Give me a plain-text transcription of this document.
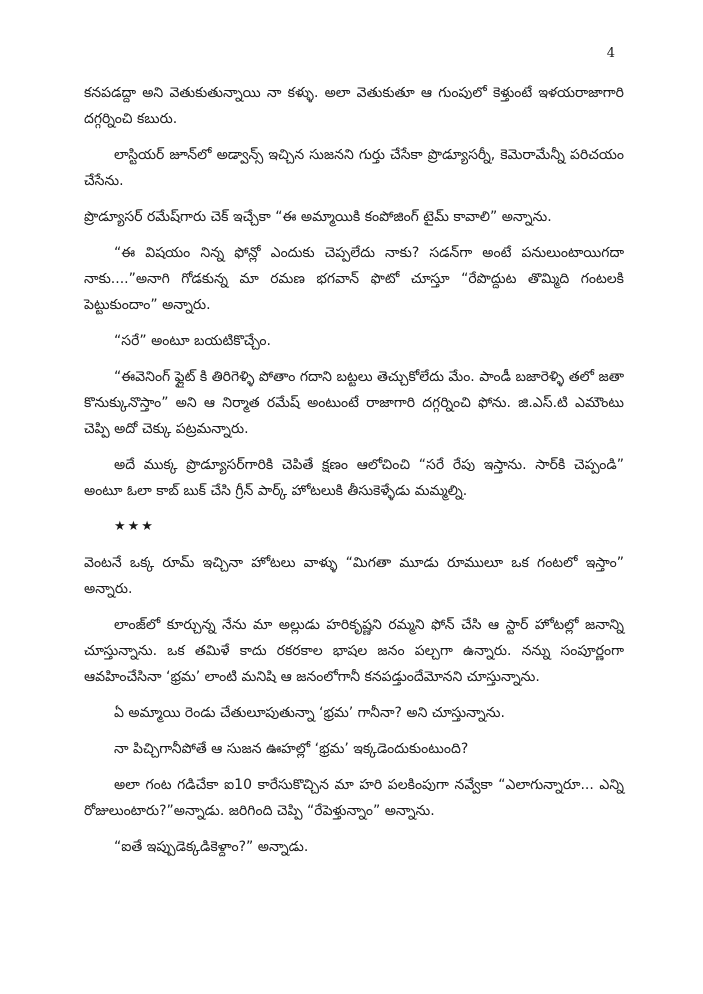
4

కనపడద్దా అని వెతుకుతున్నాయి నా కళ్ళు. అలా వెతుకుతూ ఆ గుంపులో కెళ్తుంటే ఇళయరాజాగారి దగ్గర్నించి కబురు.

లాస్టియర్ జూన్‌లో అడ్వాన్స్ ఇచ్చిన సుజనని గుర్తు చేసేకా ప్రొడ్యూసర్నీ, కెమెరామేన్నీ పరిచయం చేసేను.

ప్రొడ్యూసర్ రమేష్‌గారు చెక్ ఇచ్చేకా “ఈ అమ్మాయికి కంపోజింగ్ టైమ్ కావాలి” అన్నాను.

“ఈ విషయం నిన్న ఫోన్లో ఎందుకు చెప్పలేదు నాకు? సడన్‌గా అంటే పనులుంటాయిగదా నాకు....”అనాగి గోడకున్న మా రమణ భగవాన్ ఫొటో చూస్తూ “రేపొద్దుట తొమ్మిది గంటలకి పెట్టుకుందాం” అన్నారు.

“సరే” అంటూ బయటికొచ్చేం.

“ఈవెనింగ్ ఫ్లైట్ కి తిరిగెళ్ళి పోతాం గదాని బట్టలు తెచ్చుకోలేదు మేం. పాండీ బజారెళ్ళి తలో జతా కొనుక్కునొస్తాం” అని ఆ నిర్మాత రమేష్ అంటుంటే రాజాగారి దగ్గర్నించి ఫోను. జి.ఎస్.టి ఎమౌంటు చెప్పి అదో చెక్కు పట్రమన్నారు.

అదే ముక్క ప్రొడ్యూసర్‌గారికి చెపితే క్షణం ఆలోచించి “సరే రేపు ఇస్తాను. సార్‌కి చెప్పండి” అంటూ ఓలా కాబ్ బుక్ చేసి గ్రీన్ పార్క్ హోటలుకి తీసుకెళ్ళేడు మమ్మల్ని.

★★★

వెంటనే ఒక్క రూమ్ ఇచ్చినా హోటలు వాళ్ళు “మిగతా మూడు రూములూ ఒక గంటలో ఇస్తాం” అన్నారు.

లాంజ్‌లో కూర్చున్న నేను మా అల్లుడు హరికృష్ణని రమ్మని ఫోన్ చేసి ఆ స్టార్ హోటల్లో జనాన్ని చూస్తున్నాను. ఒక తమిళే కాదు రకరకాల భాషల జనం పల్చగా ఉన్నారు. నన్ను సంపూర్ణంగా ఆవహించేసినా ‘భ్రమ’ లాంటి మనిషి ఆ జనంలోగానీ కనపడ్తుందేమోనని చూస్తున్నాను.

ఏ అమ్మాయి రెండు చేతులూపుతున్నా ‘భ్రమ’ గానీనా? అని చూస్తున్నాను.

నా పిచ్చిగానీపోతే ఆ సుజన ఊహల్లో ‘భ్రమ’ ఇక్కడెందుకుంటుంది?

అలా గంట గడిచేకా ఐ10 కారేసుకొచ్చిన మా హరి పలకింపుగా నవ్వేకా “ఎలాగున్నారూ... ఎన్ని రోజులుంటారు?”అన్నాడు. జరిగింది చెప్పి “రేపెళ్తున్నాం” అన్నాను.

“ఐతే ఇప్పుడెక్కడికెళ్దాం?” అన్నాడు.
